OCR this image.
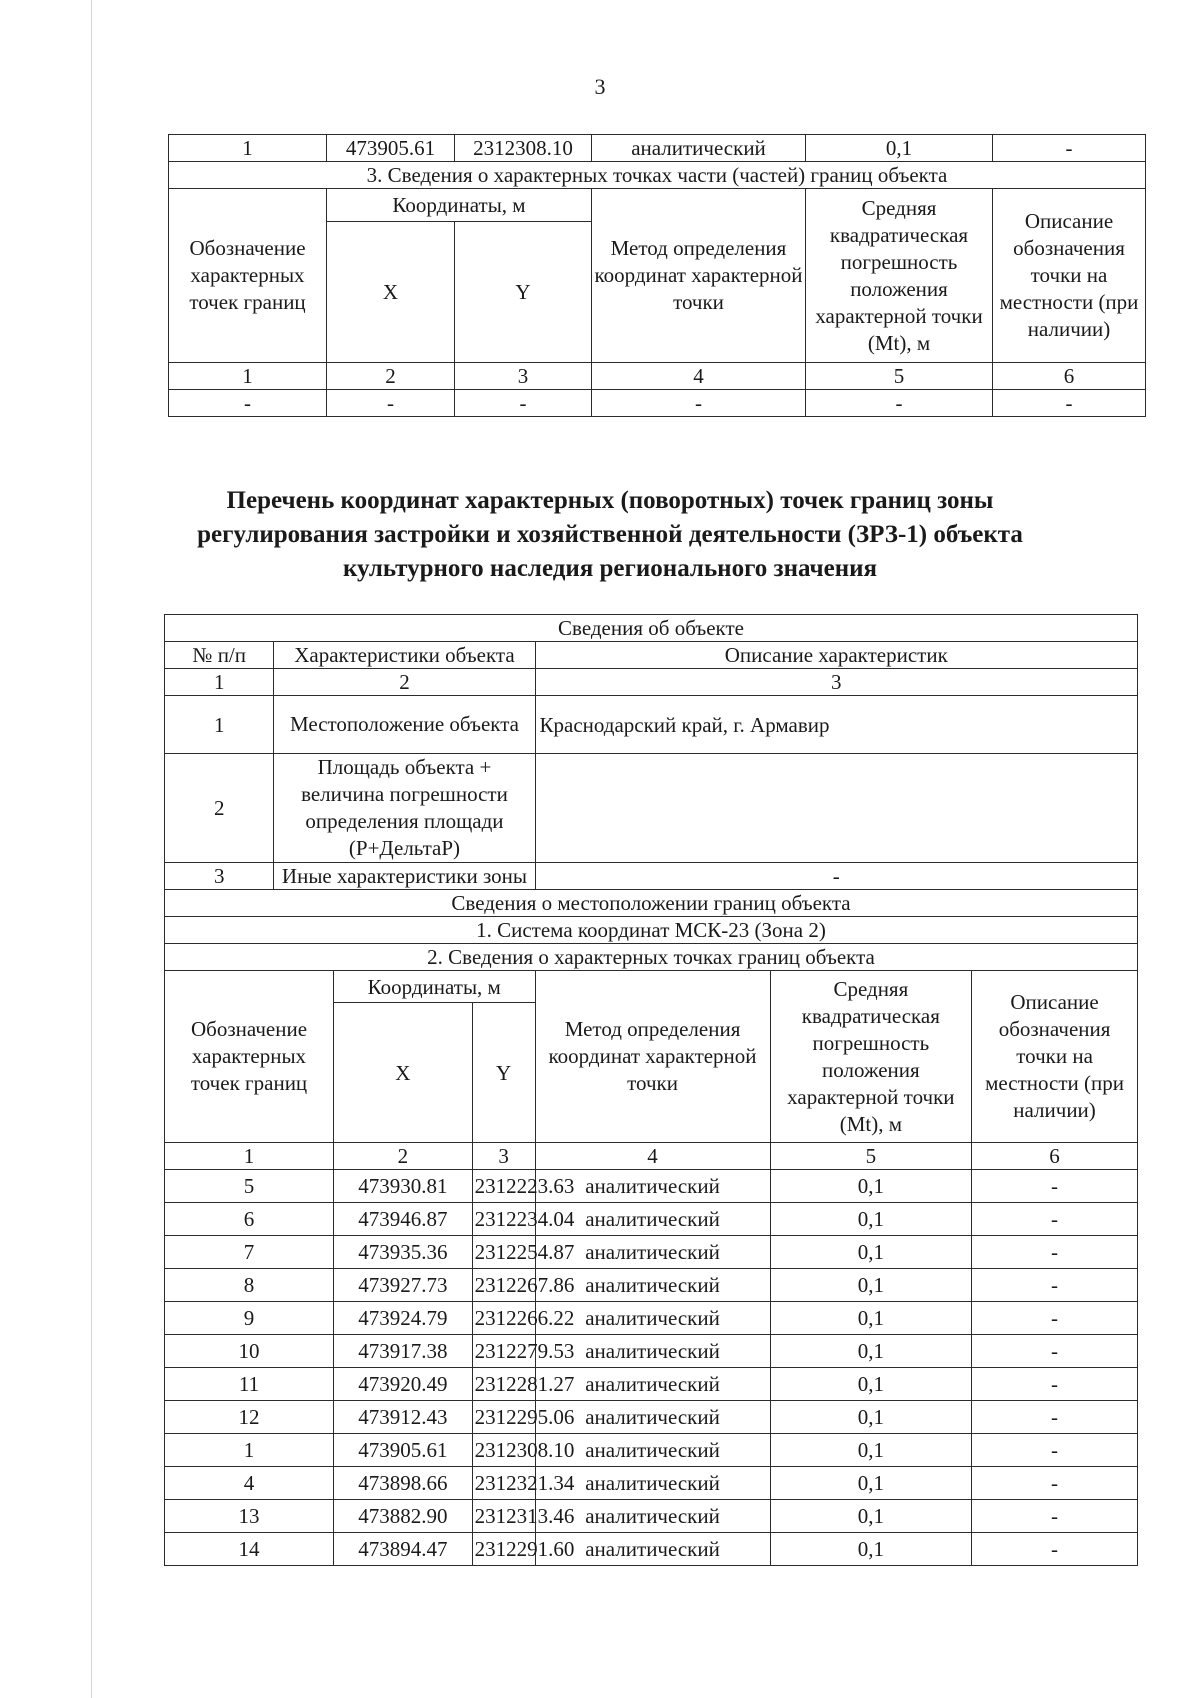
3
1	473905.61	2312308.10	аналитический	0,1	-
3. Сведения о характерных точках части (частей) границ объекта					
Обозначение характерных точек границ	Координаты, м		Метод определения координат характерной точки	Средняя квадратическая погрешность положения характерной точки (Mt), м	Описание обозначения точки на местности (при наличии)
	X	Y			
1	2	3	4	5	6
-	-	-	-	-	-
Перечень координат характерных (поворотных) точек границ зоны регулирования застройки и хозяйственной деятельности (ЗРЗ-1) объекта культурного наследия регионального значения
Сведения об объекте						
№ п/п	Характеристики объекта			Описание характеристик		
1	2			3		
1	Местоположение объекта			Краснодарский край, г. Армавир		
2	Площадь объекта + величина погрешности определения площади (P+ДельтаP)					
3	Иные характеристики зоны			-		
Сведения о местоположении границ объекта						
1. Система координат МСК-23 (Зона 2)						
2. Сведения о характерных точках границ объекта						
Обозначение характерных точек границ		Координаты, м		Метод определения координат характерной точки	Средняя квадратическая погрешность положения характерной точки (Mt), м	Описание обозначения точки на местности (при наличии)
		X	Y			
1		2	3	4	5	6
5		473930.81	2312223.63	аналитический	0,1	-
6		473946.87	2312234.04	аналитический	0,1	-
7		473935.36	2312254.87	аналитический	0,1	-
8		473927.73	2312267.86	аналитический	0,1	-
9		473924.79	2312266.22	аналитический	0,1	-
10		473917.38	2312279.53	аналитический	0,1	-
11		473920.49	2312281.27	аналитический	0,1	-
12		473912.43	2312295.06	аналитический	0,1	-
1		473905.61	2312308.10	аналитический	0,1	-
4		473898.66	2312321.34	аналитический	0,1	-
13		473882.90	2312313.46	аналитический	0,1	-
14		473894.47	2312291.60	аналитический	0,1	-
